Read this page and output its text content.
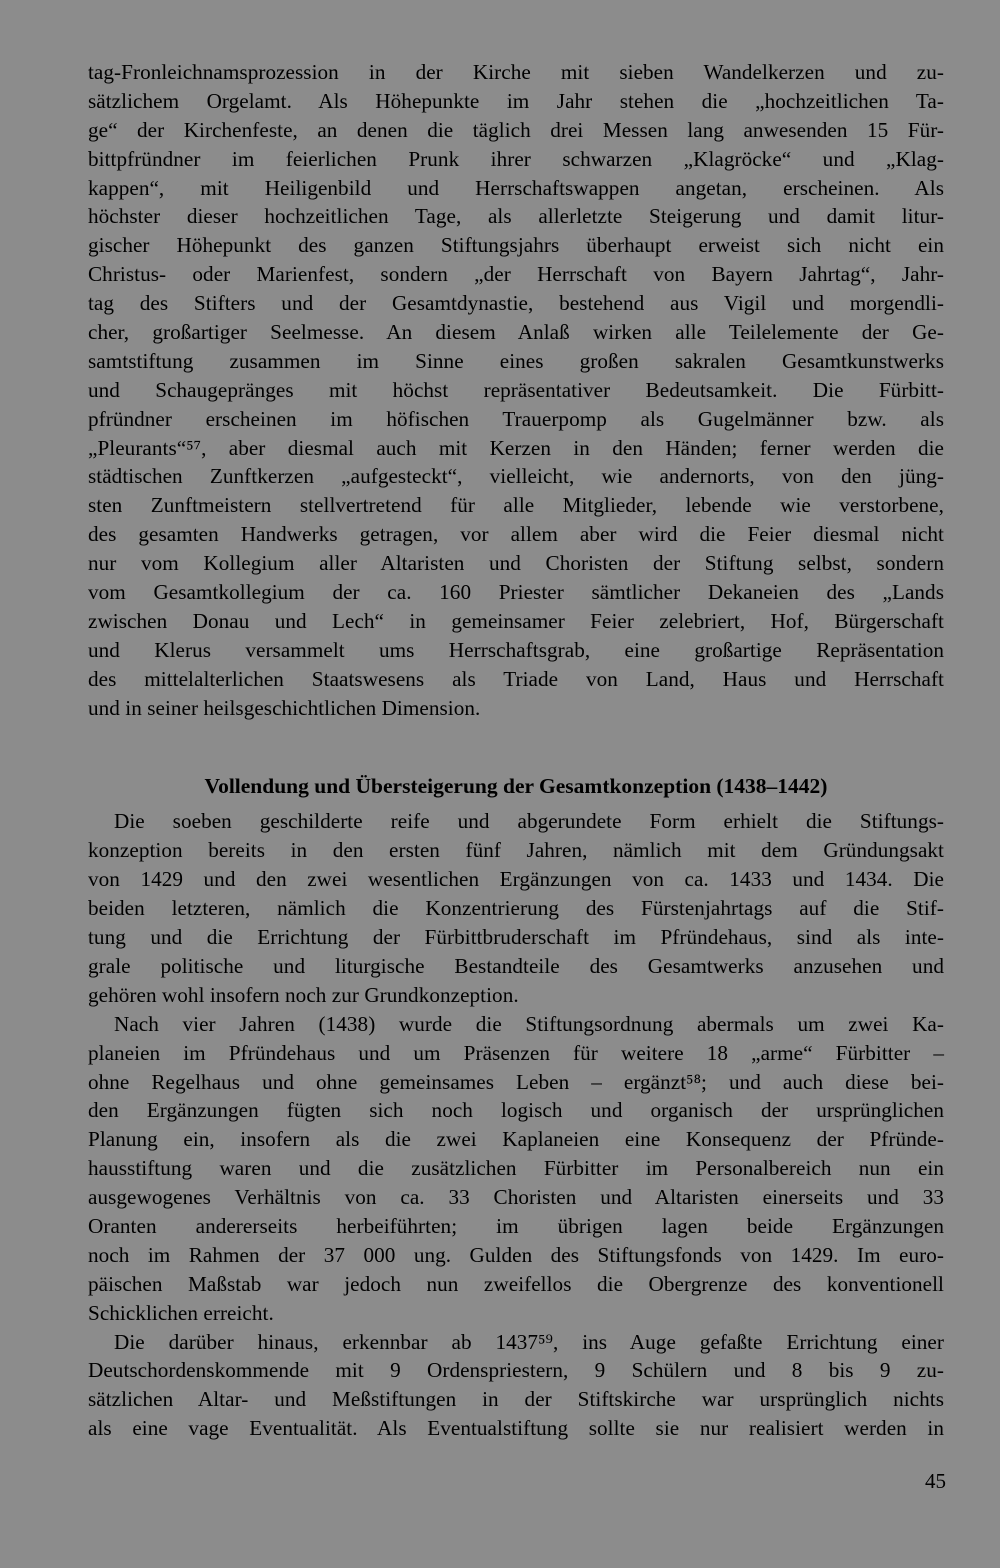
tag-Fronleichnamsprozession in der Kirche mit sieben Wandelkerzen und zu-
sätzlichem Orgelamt. Als Höhepunkte im Jahr stehen die „hochzeitlichen Ta-
ge“ der Kirchenfeste, an denen die täglich drei Messen lang anwesenden 15 Für-
bittpfründner im feierlichen Prunk ihrer schwarzen „Klagröcke“ und „Klag-
kappen“, mit Heiligenbild und Herrschaftswappen angetan, erscheinen. Als
höchster dieser hochzeitlichen Tage, als allerletzte Steigerung und damit litur-
gischer Höhepunkt des ganzen Stiftungsjahrs überhaupt erweist sich nicht ein
Christus- oder Marienfest, sondern „der Herrschaft von Bayern Jahrtag“, Jahr-
tag des Stifters und der Gesamtdynastie, bestehend aus Vigil und morgendli-
cher, großartiger Seelmesse. An diesem Anlaß wirken alle Teilelemente der Ge-
samtstiftung zusammen im Sinne eines großen sakralen Gesamtkunstwerks
und Schaugepränges mit höchst repräsentativer Bedeutsamkeit. Die Fürbitt-
pfründner erscheinen im höfischen Trauerpomp als Gugelmänner bzw. als
„Pleurants“⁵⁷, aber diesmal auch mit Kerzen in den Händen; ferner werden die
städtischen Zunftkerzen „aufgesteckt“, vielleicht, wie andernorts, von den jüng-
sten Zunftmeistern stellvertretend für alle Mitglieder, lebende wie verstorbene,
des gesamten Handwerks getragen, vor allem aber wird die Feier diesmal nicht
nur vom Kollegium aller Altaristen und Choristen der Stiftung selbst, sondern
vom Gesamtkollegium der ca. 160 Priester sämtlicher Dekaneien des „Lands
zwischen Donau und Lech“ in gemeinsamer Feier zelebriert, Hof, Bürgerschaft
und Klerus versammelt ums Herrschaftsgrab, eine großartige Repräsentation
des mittelalterlichen Staatswesens als Triade von Land, Haus und Herrschaft
und in seiner heilsgeschichtlichen Dimension.
Vollendung und Übersteigerung der Gesamtkonzeption (1438–1442)
Die soeben geschilderte reife und abgerundete Form erhielt die Stiftungs-
konzeption bereits in den ersten fünf Jahren, nämlich mit dem Gründungsakt
von 1429 und den zwei wesentlichen Ergänzungen von ca. 1433 und 1434. Die
beiden letzteren, nämlich die Konzentrierung des Fürstenjahrtags auf die Stif-
tung und die Errichtung der Fürbittbruderschaft im Pfründehaus, sind als inte-
grale politische und liturgische Bestandteile des Gesamtwerks anzusehen und
gehören wohl insofern noch zur Grundkonzeption.
Nach vier Jahren (1438) wurde die Stiftungsordnung abermals um zwei Ka-
planeien im Pfründehaus und um Präsenzen für weitere 18 „arme“ Fürbitter –
ohne Regelhaus und ohne gemeinsames Leben – ergänzt⁵⁸; und auch diese bei-
den Ergänzungen fügten sich noch logisch und organisch der ursprünglichen
Planung ein, insofern als die zwei Kaplaneien eine Konsequenz der Pfründe-
hausstiftung waren und die zusätzlichen Fürbitter im Personalbereich nun ein
ausgewogenes Verhältnis von ca. 33 Choristen und Altaristen einerseits und 33
Oranten andererseits herbeiführten; im übrigen lagen beide Ergänzungen
noch im Rahmen der 37 000 ung. Gulden des Stiftungsfonds von 1429. Im euro-
päischen Maßstab war jedoch nun zweifellos die Obergrenze des konventionell
Schicklichen erreicht.
Die darüber hinaus, erkennbar ab 1437⁵⁹, ins Auge gefaßte Errichtung einer
Deutschordenskommende mit 9 Ordenspriestern, 9 Schülern und 8 bis 9 zu-
sätzlichen Altar- und Meßstiftungen in der Stiftskirche war ursprünglich nichts
als eine vage Eventualität. Als Eventualstiftung sollte sie nur realisiert werden in
45
